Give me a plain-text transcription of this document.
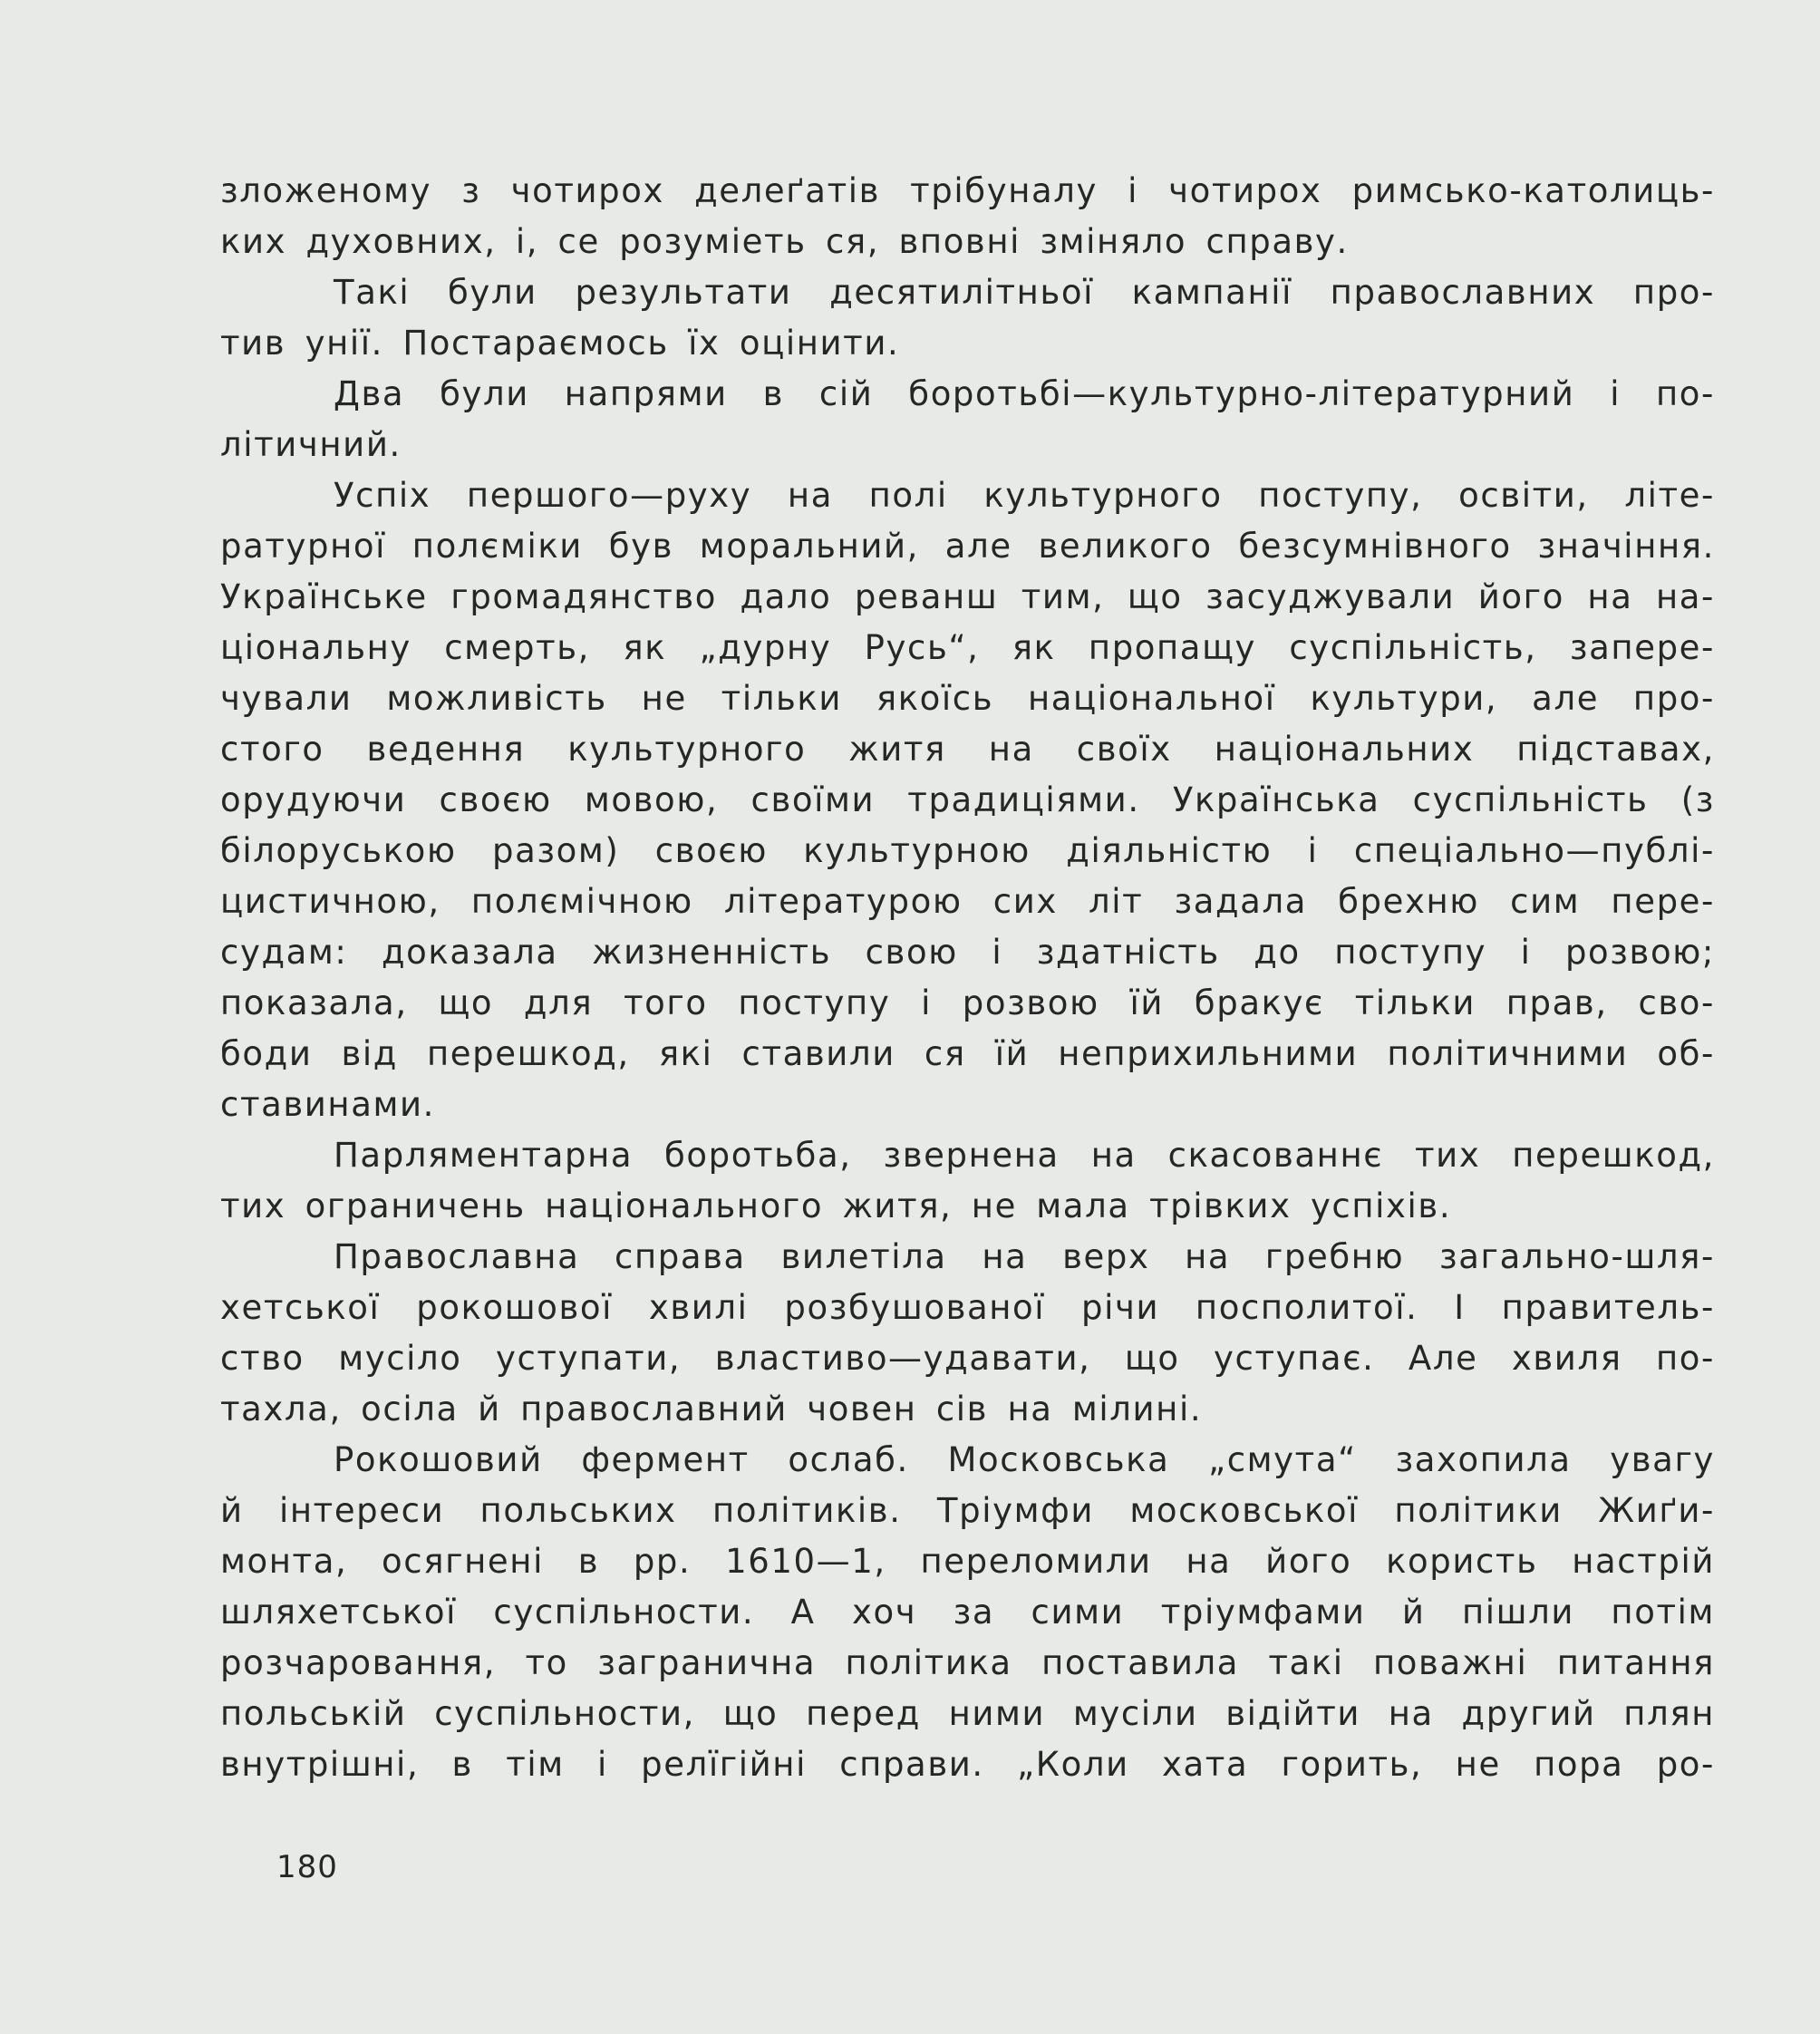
зложеному з чотирох делеґатів трібуналу і чотирох римсько-католиць-
ких духовних, і, се розуміеть ся, вповні зміняло справу.
Такі були результати десятилітньої кампанії православних про-
тив унії. Постараємось їх оцінити.
Два були напрями в сій боротьбі—культурно-літературний і по-
літичний.
Успіх першого—руху на полі культурного поступу, освіти, літе-
ратурної полєміки був моральний, але великого безсумнівного значіння.
Українське громадянство дало реванш тим, що засуджували його на на-
ціональну смерть, як „дурну Русь“, як пропащу суспільність, запере-
чували можливість не тільки якоїсь національної культури, але про-
стого ведення культурного житя на своїх національних підставах,
орудуючи своєю мовою, своїми традиціями. Українська суспільність (з
білоруською разом) своєю культурною діяльністю і спеціально—публі-
цистичною, полємічною літературою сих літ задала брехню сим пере-
судам: доказала жизненність свою і здатність до поступу і розвою;
показала, що для того поступу і розвою їй бракує тільки прав, сво-
боди від перешкод, які ставили ся їй неприхильними політичними об-
ставинами.
Парляментарна боротьба, звернена на скасованнє тих перешкод,
тих ограничень національного житя, не мала трівких успіхів.
Православна справа вилетіла на верх на гребню загально-шля-
хетської рокошової хвилі розбушованої річи посполитої. І правитель-
ство мусіло уступати, властиво—удавати, що уступає. Але хвиля по-
тахла, осіла й православний човен сів на мілині.
Рокошовий фермент ослаб. Московська „смута“ захопила увагу
й інтереси польських політиків. Тріумфи московської політики Жиґи-
монта, осягнені в рр. 1610—1, переломили на його користь настрій
шляхетської суспільности. А хоч за сими тріумфами й пішли потім
розчаровання, то загранична політика поставила такі поважні питання
польській суспільности, що перед ними мусіли відійти на другий плян
внутрішні, в тім і релїгійні справи. „Коли хата горить, не пора ро-
180
